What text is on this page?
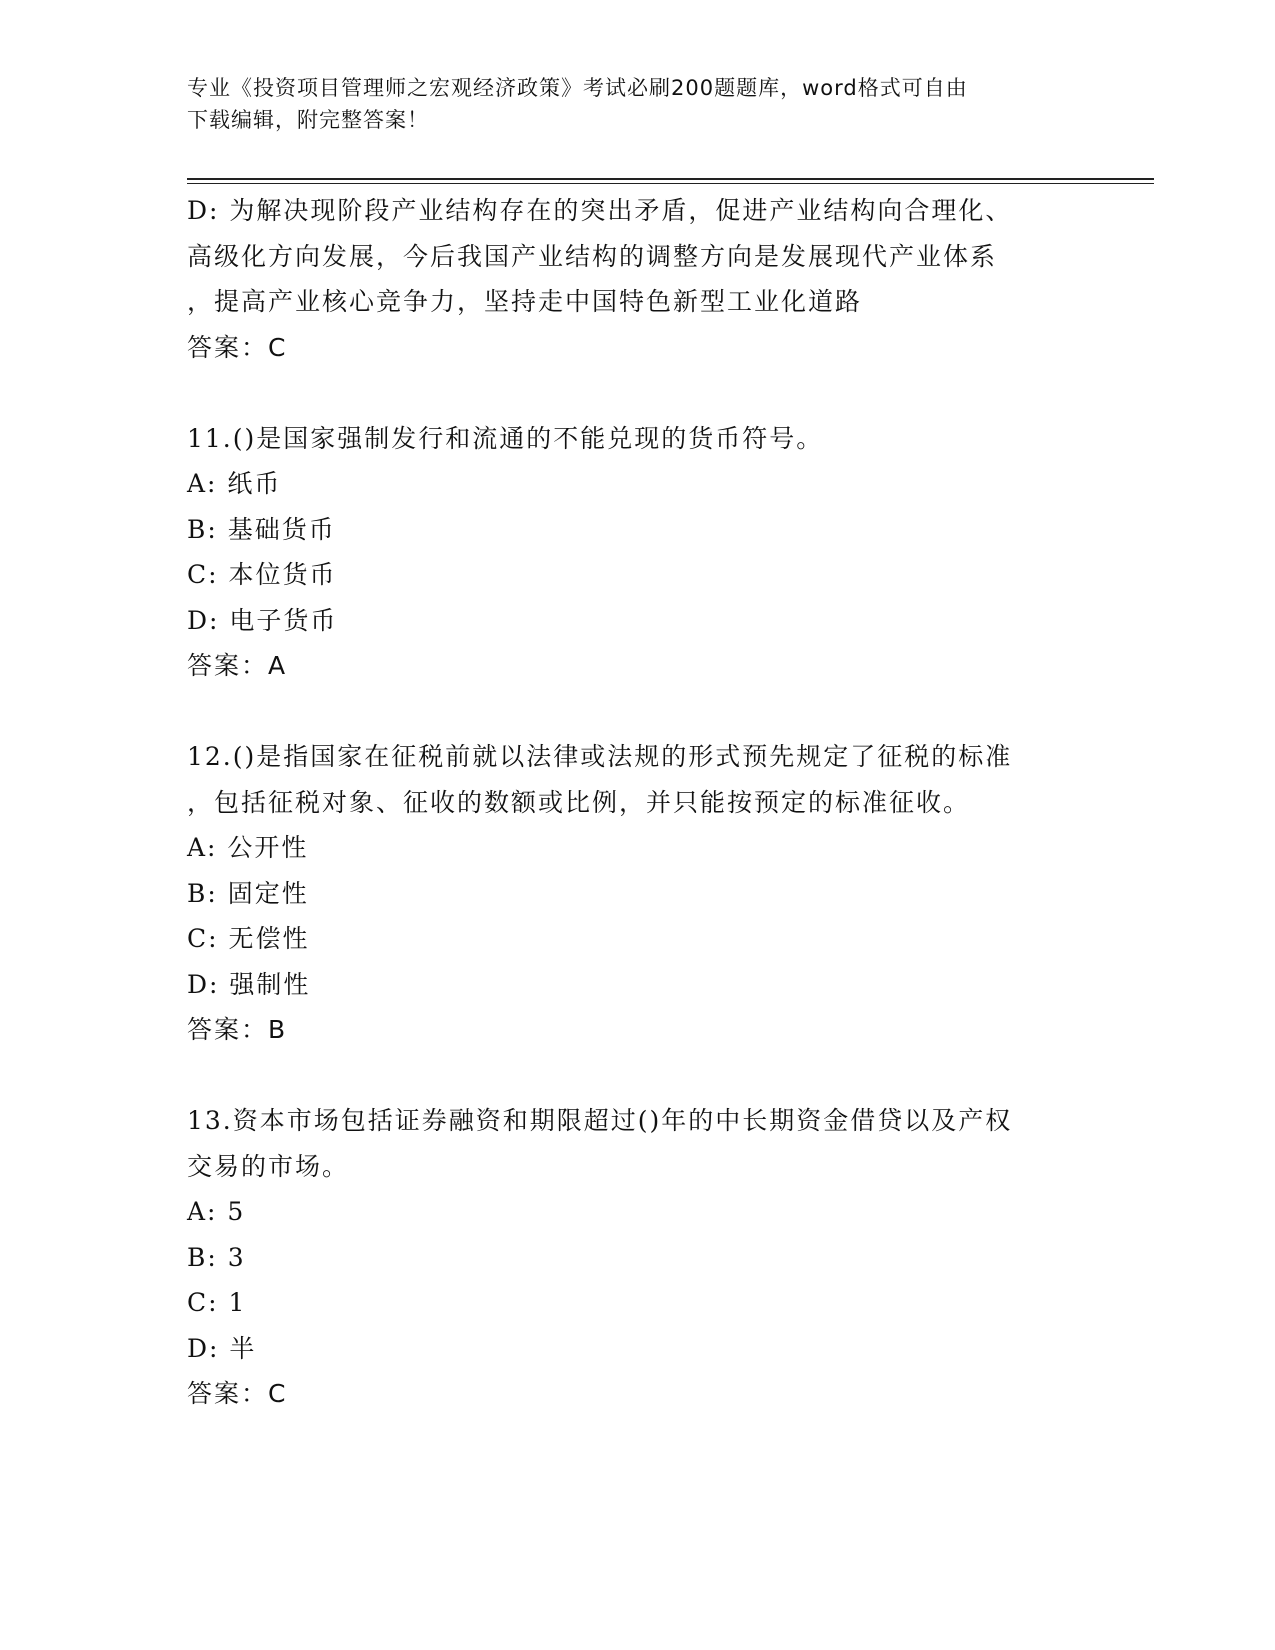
专业《投资项目管理师之宏观经济政策》考试必刷200题题库，word格式可自由
下载编辑，附完整答案！
D: 为解决现阶段产业结构存在的突出矛盾，促进产业结构向合理化、
高级化方向发展，今后我国产业结构的调整方向是发展现代产业体系
，提高产业核心竞争力，坚持走中国特色新型工业化道路
答案：C
11.()是国家强制发行和流通的不能兑现的货币符号。
A: 纸币
B: 基础货币
C: 本位货币
D: 电子货币
答案：A
12.()是指国家在征税前就以法律或法规的形式预先规定了征税的标准
，包括征税对象、征收的数额或比例，并只能按预定的标准征收。
A: 公开性
B: 固定性
C: 无偿性
D: 强制性
答案：B
13.资本市场包括证券融资和期限超过()年的中长期资金借贷以及产权
交易的市场。
A: 5
B: 3
C: 1
D: 半
答案：C
